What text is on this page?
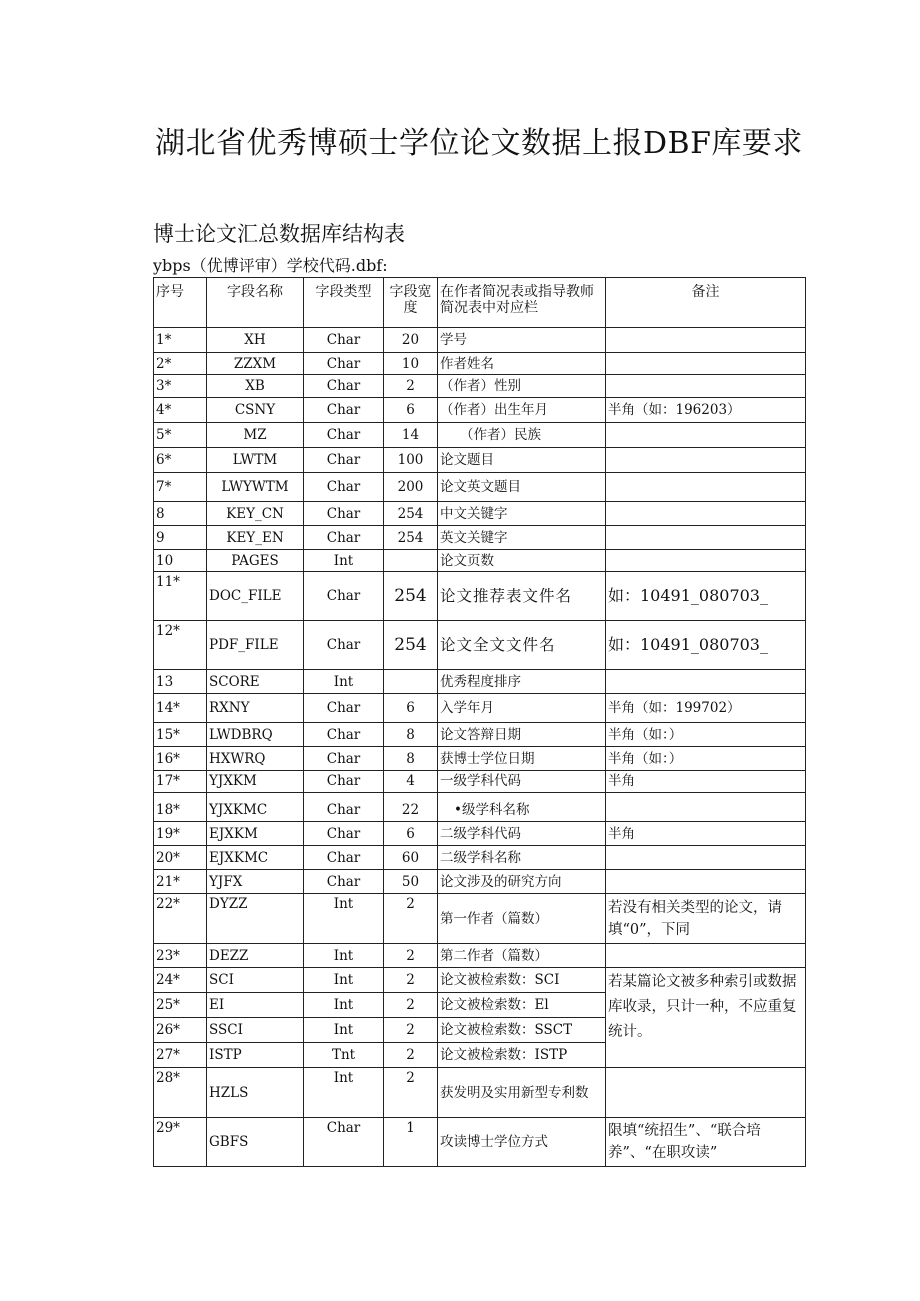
湖北省优秀博硕士学位论文数据上报DBF库要求
博士论文汇总数据库结构表
ybps（优博评审）学校代码.dbf:
序号	字段名称	字段类型	字段宽度	在作者简况表或指导教师简况表中对应栏	备注
1*	XH	Char	20	学号	
2*	ZZXM	Char	10	作者姓名	
3*	XB	Char	2	（作者）性别	
4*	CSNY	Char	6	（作者）出生年月	半角（如：196203）
5*	MZ	Char	14	（作者）民族	
6*	LWTM	Char	100	论文题目	
7*	LWYWTM	Char	200	论文英文题目	
8	KEY_CN	Char	254	中文关键字	
9	KEY_EN	Char	254	英文关键字	
10	PAGES	Int		论文页数	
11*	DOC_FILE	Char	254	论文推荐表文件名	如：10491_080703_
12*	PDF_FILE	Char	254	论文全文文件名	如：10491_080703_
13	SCORE	Int		优秀程度排序	
14*	RXNY	Char	6	入学年月	半角（如：199702）
15*	LWDBRQ	Char	8	论文答辩日期	半角（如：）
16*	HXWRQ	Char	8	获博士学位日期	半角（如：）
17*	YJXKM	Char	4	一级学科代码	半角
18*	YJXKMC	Char	22	•级学科名称	
19*	EJXKM	Char	6	二级学科代码	半角
20*	EJXKMC	Char	60	二级学科名称	
21*	YJFX	Char	50	论文涉及的研究方向	
22*	DYZZ	Int	2	第一作者（篇数）	若没有相关类型的论文，请填“0”，下同
23*	DEZZ	Int	2	第二作者（篇数）	
24*	SCI	Int	2	论文被检索数：SCI	若某篇论文被多种索引或数据库收录，只计一种，不应重复统计。
25*	EI	Int	2	论文被检索数：El	
26*	SSCI	Int	2	论文被检索数：SSCT	
27*	ISTP	Tnt	2	论文被检索数：ISTP	
28*	HZLS	Int	2	获发明及实用新型专利数	
29*	GBFS	Char	1	攻读博士学位方式	限填“统招生”、“联合培养”、“在职攻读”
